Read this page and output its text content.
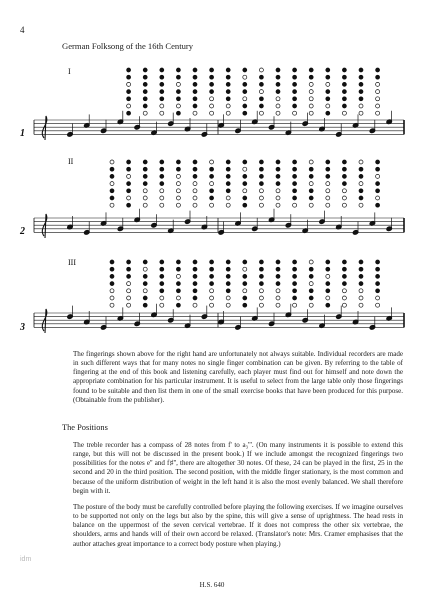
4
German Folksong of the 16th Century
I
II
III
1
2
3
The fingerings shown above for the right hand are unfortunately not always suitable. Individual recorders are made in such different ways that for many notes no single finger combination can be given. By referring to the table of fingering at the end of this book and listening carefully, each player must find out for himself and note down the appropriate combination for his particular instrument. It is useful to select from the large table only those fingerings found to be suitable and then list them in one of the small exercise books that have been produced for this purpose. (Obtainable from the publisher).
The Positions
The treble recorder has a compass of 28 notes from f' to a₃'''. (On many instruments it is possible to extend this range, but this will not be discussed in the present book.) If we include amongst the recognized fingerings two possibilities for the notes e'' and f♯'', there are altogether 30 notes. Of these, 24 can be played in the first, 25 in the second and 20 in the third position. The second position, with the middle finger stationary, is the most common and because of the uniform distribution of weight in the left hand it is also the most evenly balanced. We shall therefore begin with it.
The posture of the body must be carefully controlled before playing the following exercises. If we imagine ourselves to be supported not only on the legs but also by the spine, this will give a sense of uprightness. The head rests in balance on the uppermost of the seven cervical vertebrae. If it does not compress the other six vertebrae, the shoulders, arms and hands will of their own accord be relaxed. (Translator's note: Mrs. Cramer emphasises that the author attaches great importance to a correct body posture when playing.)
idm
H.S. 640
